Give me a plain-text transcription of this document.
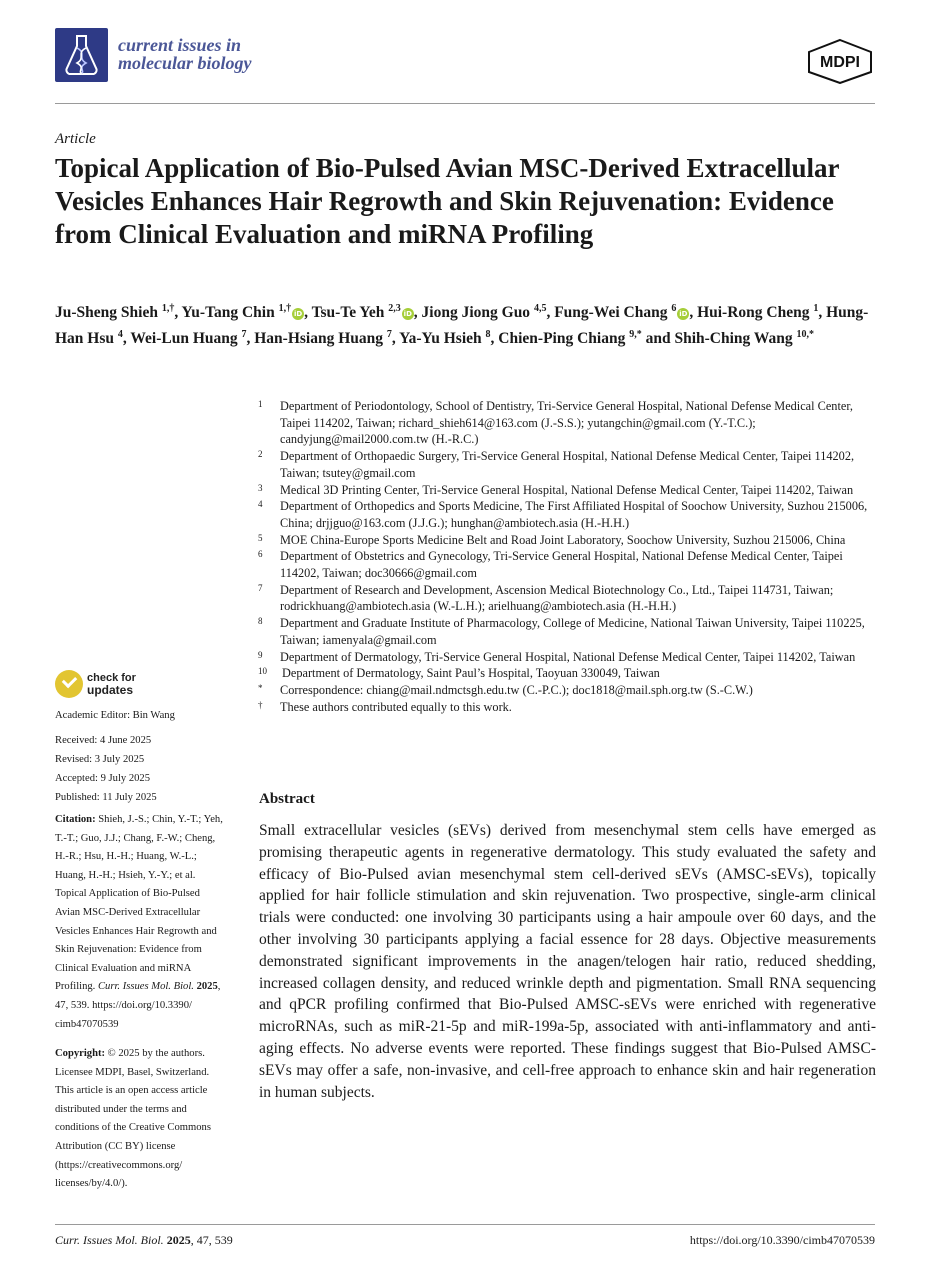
current issues in
molecular biology	MDPI
Article
Topical Application of Bio-Pulsed Avian MSC-Derived Extracellular Vesicles Enhances Hair Regrowth and Skin Rejuvenation: Evidence from Clinical Evaluation and miRNA Profiling
Ju-Sheng Shieh $^{1,\dagger}$, Yu-Tang Chin $^{1,\dagger}$iD , Tsu-Te Yeh $^{2,3}$iD , Jiong Jiong Guo $^{4,5}$, Fung-Wei Chang $^6$iD , Hui-Rong Cheng $^1$, Hung-Han Hsu $^4$, Wei-Lun Huang $^7$, Han-Hsiang Huang $^7$, Ya-Yu Hsieh $^8$, Chien-Ping Chiang $^{9,*}$ and Shih-Ching Wang $^{10,*}$
1	Department of Periodontology, School of Dentistry, Tri-Service General Hospital, National Defense Medical Center, Taipei 114202, Taiwan; richard_shieh614@163.com (J.-S.S.); yutangchin@gmail.com (Y.-T.C.); candyjung@mail2000.com.tw (H.-R.C.)
2	Department of Orthopaedic Surgery, Tri-Service General Hospital, National Defense Medical Center, Taipei 114202, Taiwan; tsutey@gmail.com
3	Medical 3D Printing Center, Tri-Service General Hospital, National Defense Medical Center, Taipei 114202, Taiwan
4	Department of Orthopedics and Sports Medicine, The First Affiliated Hospital of Soochow University, Suzhou 215006, China; drjjguo@163.com (J.J.G.); hunghan@ambiotech.asia (H.-H.H.)
5	MOE China-Europe Sports Medicine Belt and Road Joint Laboratory, Soochow University, Suzhou 215006, China
6	Department of Obstetrics and Gynecology, Tri-Service General Hospital, National Defense Medical Center, Taipei 114202, Taiwan; doc30666@gmail.com
7	Department of Research and Development, Ascension Medical Biotechnology Co., Ltd., Taipei 114731, Taiwan; rodrickhuang@ambiotech.asia (W.-L.H.); arielhuang@ambiotech.asia (H.-H.H.)
8	Department and Graduate Institute of Pharmacology, College of Medicine, National Taiwan University, Taipei 110225, Taiwan; iamenyala@gmail.com
9	Department of Dermatology, Tri-Service General Hospital, National Defense Medical Center, Taipei 114202, Taiwan
10	Department of Dermatology, Saint Paul’s Hospital, Taoyuan 330049, Taiwan
*	Correspondence: chiang@mail.ndmctsgh.edu.tw (C.-P.C.); doc1818@mail.sph.org.tw (S.-C.W.)
†	These authors contributed equally to this work.
check for
updates
Academic Editor: Bin Wang
Received: 4 June 2025
Revised: 3 July 2025
Accepted: 9 July 2025
Published: 11 July 2025
Citation: Shieh, J.-S.; Chin, Y.-T.; Yeh,
T.-T.; Guo, J.J.; Chang, F.-W.; Cheng,
H.-R.; Hsu, H.-H.; Huang, W.-L.;
Huang, H.-H.; Hsieh, Y.-Y.; et al.
Topical Application of Bio-Pulsed
Avian MSC-Derived Extracellular
Vesicles Enhances Hair Regrowth and
Skin Rejuvenation: Evidence from
Clinical Evaluation and miRNA
Profiling. Curr. Issues Mol. Biol. 2025,
47, 539. https://doi.org/10.3390/
cimb47070539
Copyright: © 2025 by the authors.
Licensee MDPI, Basel, Switzerland.
This article is an open access article
distributed under the terms and
conditions of the Creative Commons
Attribution (CC BY) license
(https://creativecommons.org/
licenses/by/4.0/).
Abstract
Small extracellular vesicles (sEVs) derived from mesenchymal stem cells have emerged as promising therapeutic agents in regenerative dermatology. This study evaluated the safety and efficacy of Bio-Pulsed avian mesenchymal stem cell-derived sEVs (AMSC-sEVs), topically applied for hair follicle stimulation and skin rejuvenation. Two prospective, single-arm clinical trials were conducted: one involving 30 participants using a hair ampoule over 60 days, and the other involving 30 participants applying a facial essence for 28 days. Objective measurements demonstrated significant improvements in the anagen/telogen hair ratio, reduced shedding, increased collagen density, and reduced wrinkle depth and pigmentation. Small RNA sequencing and qPCR profiling confirmed that Bio-Pulsed AMSC-sEVs were enriched with regenerative microRNAs, such as miR-21-5p and miR-199a-5p, associated with anti-inflammatory and anti-aging effects. No adverse events were reported. These findings suggest that Bio-Pulsed AMSC-sEVs may offer a safe, non-invasive, and cell-free approach to enhance skin and hair regeneration in human subjects.
Curr. Issues Mol. Biol. 2025, 47, 539	https://doi.org/10.3390/cimb47070539
